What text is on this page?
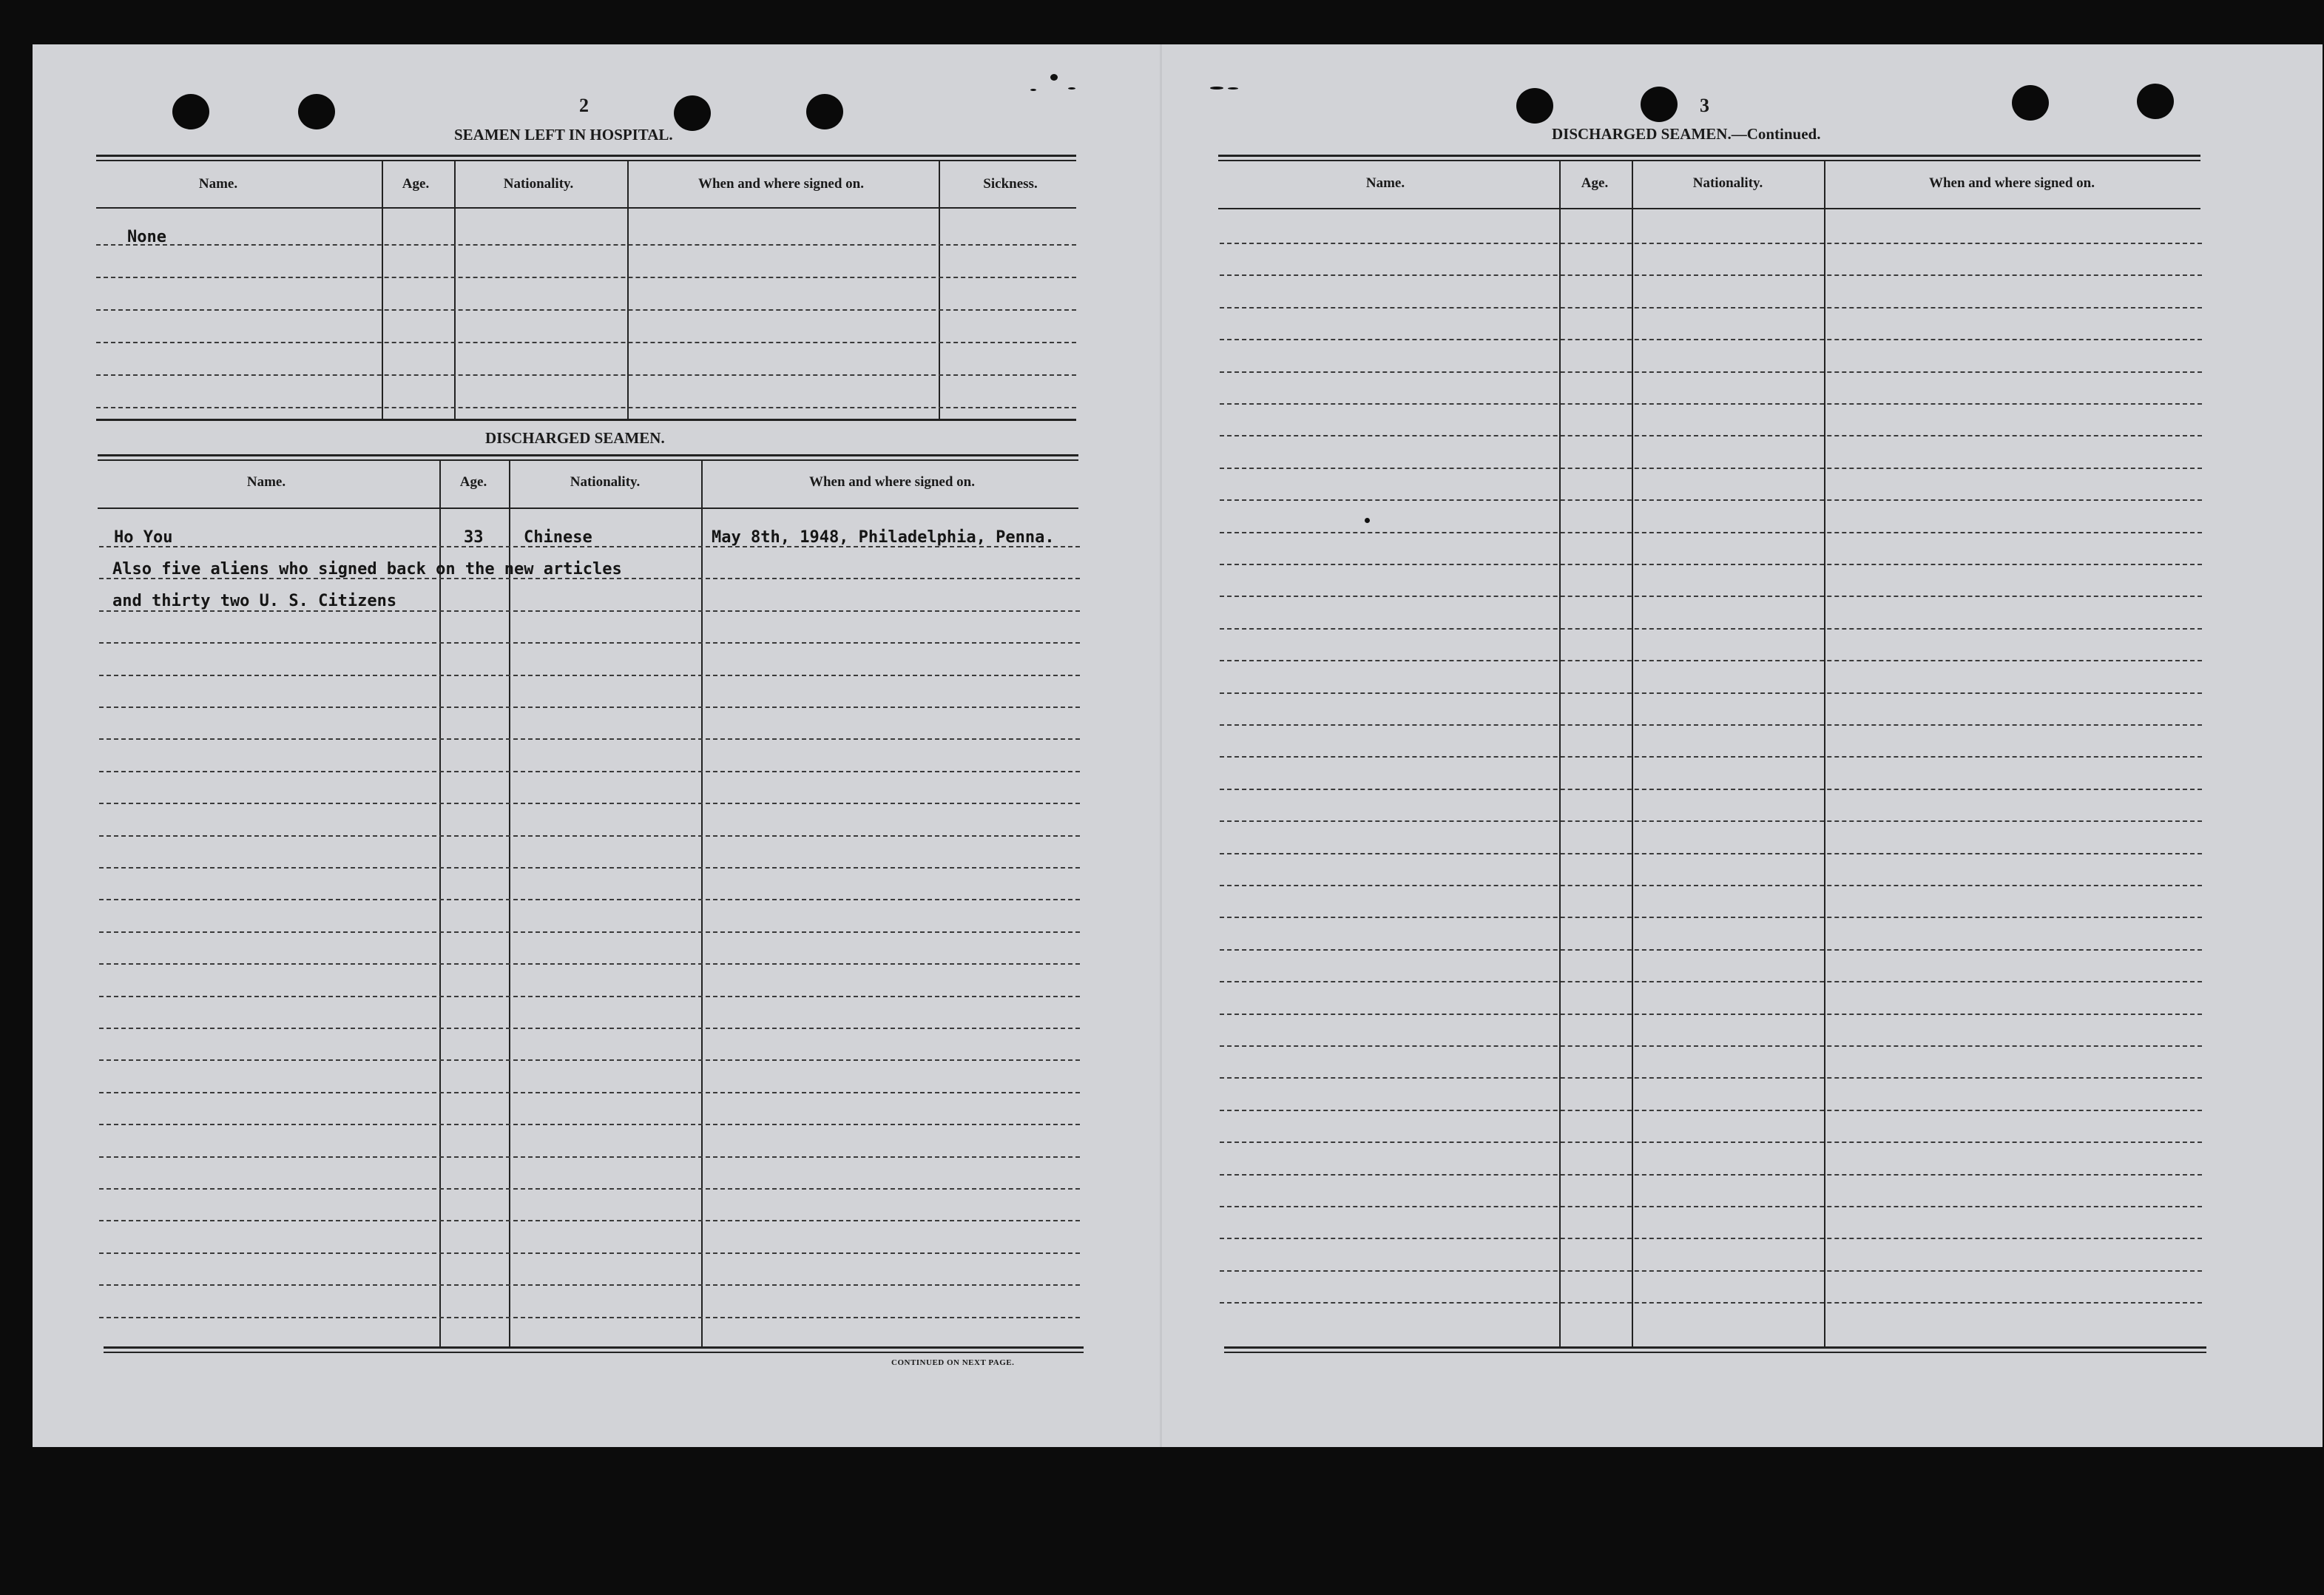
2
SEAMEN LEFT IN HOSPITAL.
Name.	Age.	Nationality.	When and where signed on.	Sickness.
None
DISCHARGED SEAMEN.
Name.	Age.	Nationality.	When and where signed on.
Ho You	33 Chinese	May 8th, 1948, Philadelphia, Penna.
Also five aliens who signed back on the new articles
and thirty two U. S. Citizens
CONTINUED ON NEXT PAGE.
3
DISCHARGED SEAMEN.—Continued.
Name.	Age.	Nationality.	When and where signed on.
